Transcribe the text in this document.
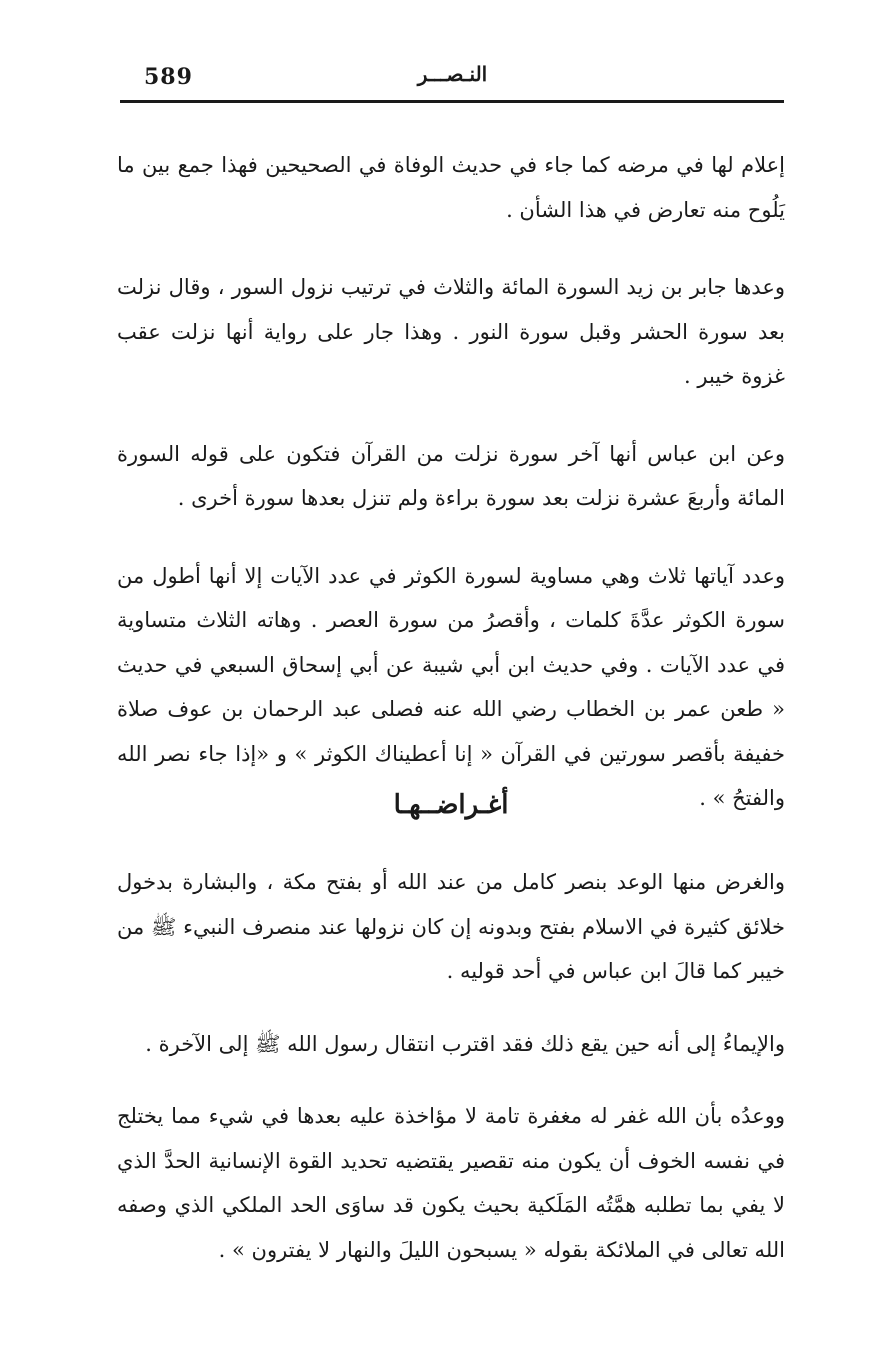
589	النـصـــر

إعلام لها في مرضه كما جاء في حديث الوفاة في الصحيحين فهذا جمع بين ما يَلُوح منه تعارض في هذا الشأن .

وعدها جابر بن زيد السورة المائة والثلاث في ترتيب نزول السور ، وقال نزلت بعد سورة الحشر وقبل سورة النور . وهذا جار على رواية أنها نزلت عقب غزوة خيبر .

وعن ابن عباس أنها آخر سورة نزلت من القرآن فتكون على قوله السورة المائة وأربعَ عشرة نزلت بعد سورة براءة ولم تنزل بعدها سورة أخرى .

وعدد آياتها ثلاث وهي مساوية لسورة الكوثر في عدد الآيات إلا أنها أطول من سورة الكوثر عدَّةَ كلمات ، وأقصرُ من سورة العصر . وهاته الثلاث متساوية في عدد الآيات . وفي حديث ابن أبي شيبة عن أبي إسحاق السبعي في حديث « طعن عمر بن الخطاب رضي الله عنه فصلى عبد الرحمان بن عوف صلاة خفيفة بأقصر سورتين في القرآن « إنا أعطيناك الكوثر » و «إذا جاء نصر الله والفتحُ » .

أغـراضــهـا

والغرض منها الوعد بنصر كامل من عند الله أو بفتح مكة ، والبشارة بدخول خلائق كثيرة في الاسلام بفتح وبدونه إن كان نزولها عند منصرف النبيء ﷺ من خيبر كما قالَ ابن عباس في أحد قوليه .

والإيماءُ إلى أنه حين يقع ذلك فقد اقترب انتقال رسول الله ﷺ إلى الآخرة .

ووعدُه بأن الله غفر له مغفرة تامة لا مؤاخذة عليه بعدها في شيء مما يختلج في نفسه الخوف أن يكون منه تقصير يقتضيه تحديد القوة الإنسانية الحدَّ الذي لا يفي بما تطلبه همَّتُه المَلَكية بحيث يكون قد ساوَى الحد الملكي الذي وصفه الله تعالى في الملائكة بقوله « يسبحون الليلَ والنهار لا يفترون » .
